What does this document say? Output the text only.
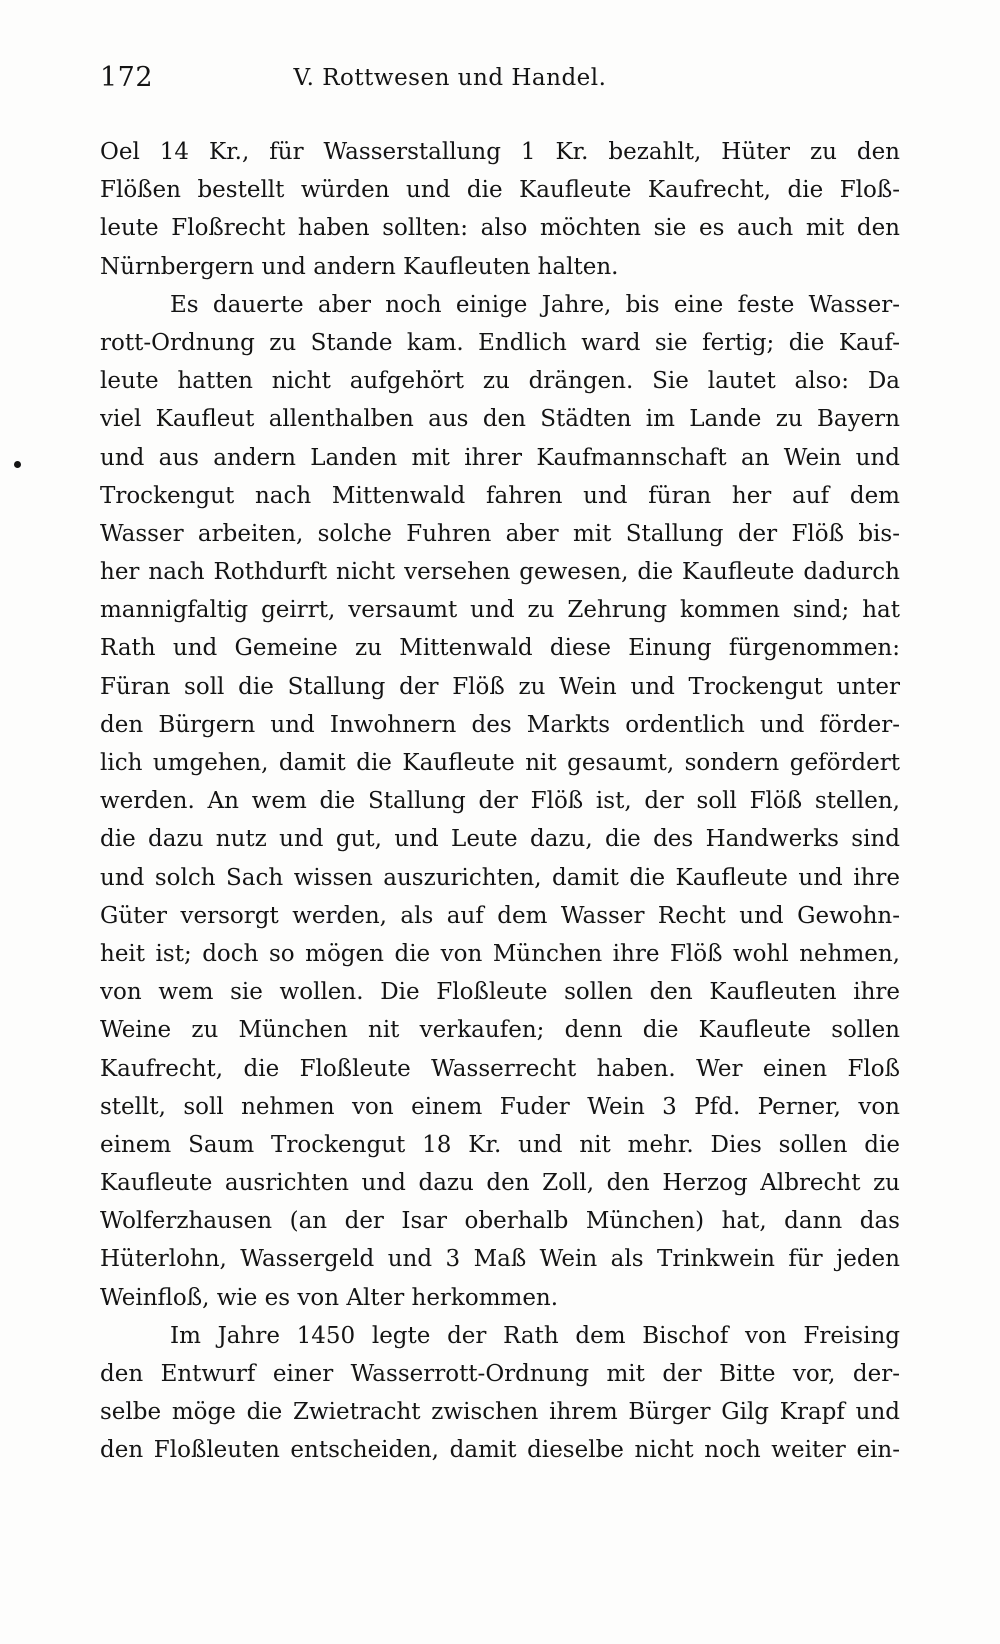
172	V. Rottwesen und Handel.
Oel 14 Kr., für Wasserstallung 1 Kr. bezahlt, Hüter zu den
Flößen bestellt würden und die Kaufleute Kaufrecht, die Floß-
leute Floßrecht haben sollten: also möchten sie es auch mit den
Nürnbergern und andern Kaufleuten halten.
Es dauerte aber noch einige Jahre, bis eine feste Wasser-
rott-Ordnung zu Stande kam. Endlich ward sie fertig; die Kauf-
leute hatten nicht aufgehört zu drängen. Sie lautet also: Da
viel Kaufleut allenthalben aus den Städten im Lande zu Bayern
und aus andern Landen mit ihrer Kaufmannschaft an Wein und
Trockengut nach Mittenwald fahren und füran her auf dem
Wasser arbeiten, solche Fuhren aber mit Stallung der Flöß bis-
her nach Rothdurft nicht versehen gewesen, die Kaufleute dadurch
mannigfaltig geirrt, versaumt und zu Zehrung kommen sind; hat
Rath und Gemeine zu Mittenwald diese Einung fürgenommen:
Füran soll die Stallung der Flöß zu Wein und Trockengut unter
den Bürgern und Inwohnern des Markts ordentlich und förder-
lich umgehen, damit die Kaufleute nit gesaumt, sondern gefördert
werden. An wem die Stallung der Flöß ist, der soll Flöß stellen,
die dazu nutz und gut, und Leute dazu, die des Handwerks sind
und solch Sach wissen auszurichten, damit die Kaufleute und ihre
Güter versorgt werden, als auf dem Wasser Recht und Gewohn-
heit ist; doch so mögen die von München ihre Flöß wohl nehmen,
von wem sie wollen. Die Floßleute sollen den Kaufleuten ihre
Weine zu München nit verkaufen; denn die Kaufleute sollen
Kaufrecht, die Floßleute Wasserrecht haben. Wer einen Floß
stellt, soll nehmen von einem Fuder Wein 3 Pfd. Perner, von
einem Saum Trockengut 18 Kr. und nit mehr. Dies sollen die
Kaufleute ausrichten und dazu den Zoll, den Herzog Albrecht zu
Wolferzhausen (an der Isar oberhalb München) hat, dann das
Hüterlohn, Wassergeld und 3 Maß Wein als Trinkwein für jeden
Weinfloß, wie es von Alter herkommen.
Im Jahre 1450 legte der Rath dem Bischof von Freising
den Entwurf einer Wasserrott-Ordnung mit der Bitte vor, der-
selbe möge die Zwietracht zwischen ihrem Bürger Gilg Krapf und
den Floßleuten entscheiden, damit dieselbe nicht noch weiter ein-
